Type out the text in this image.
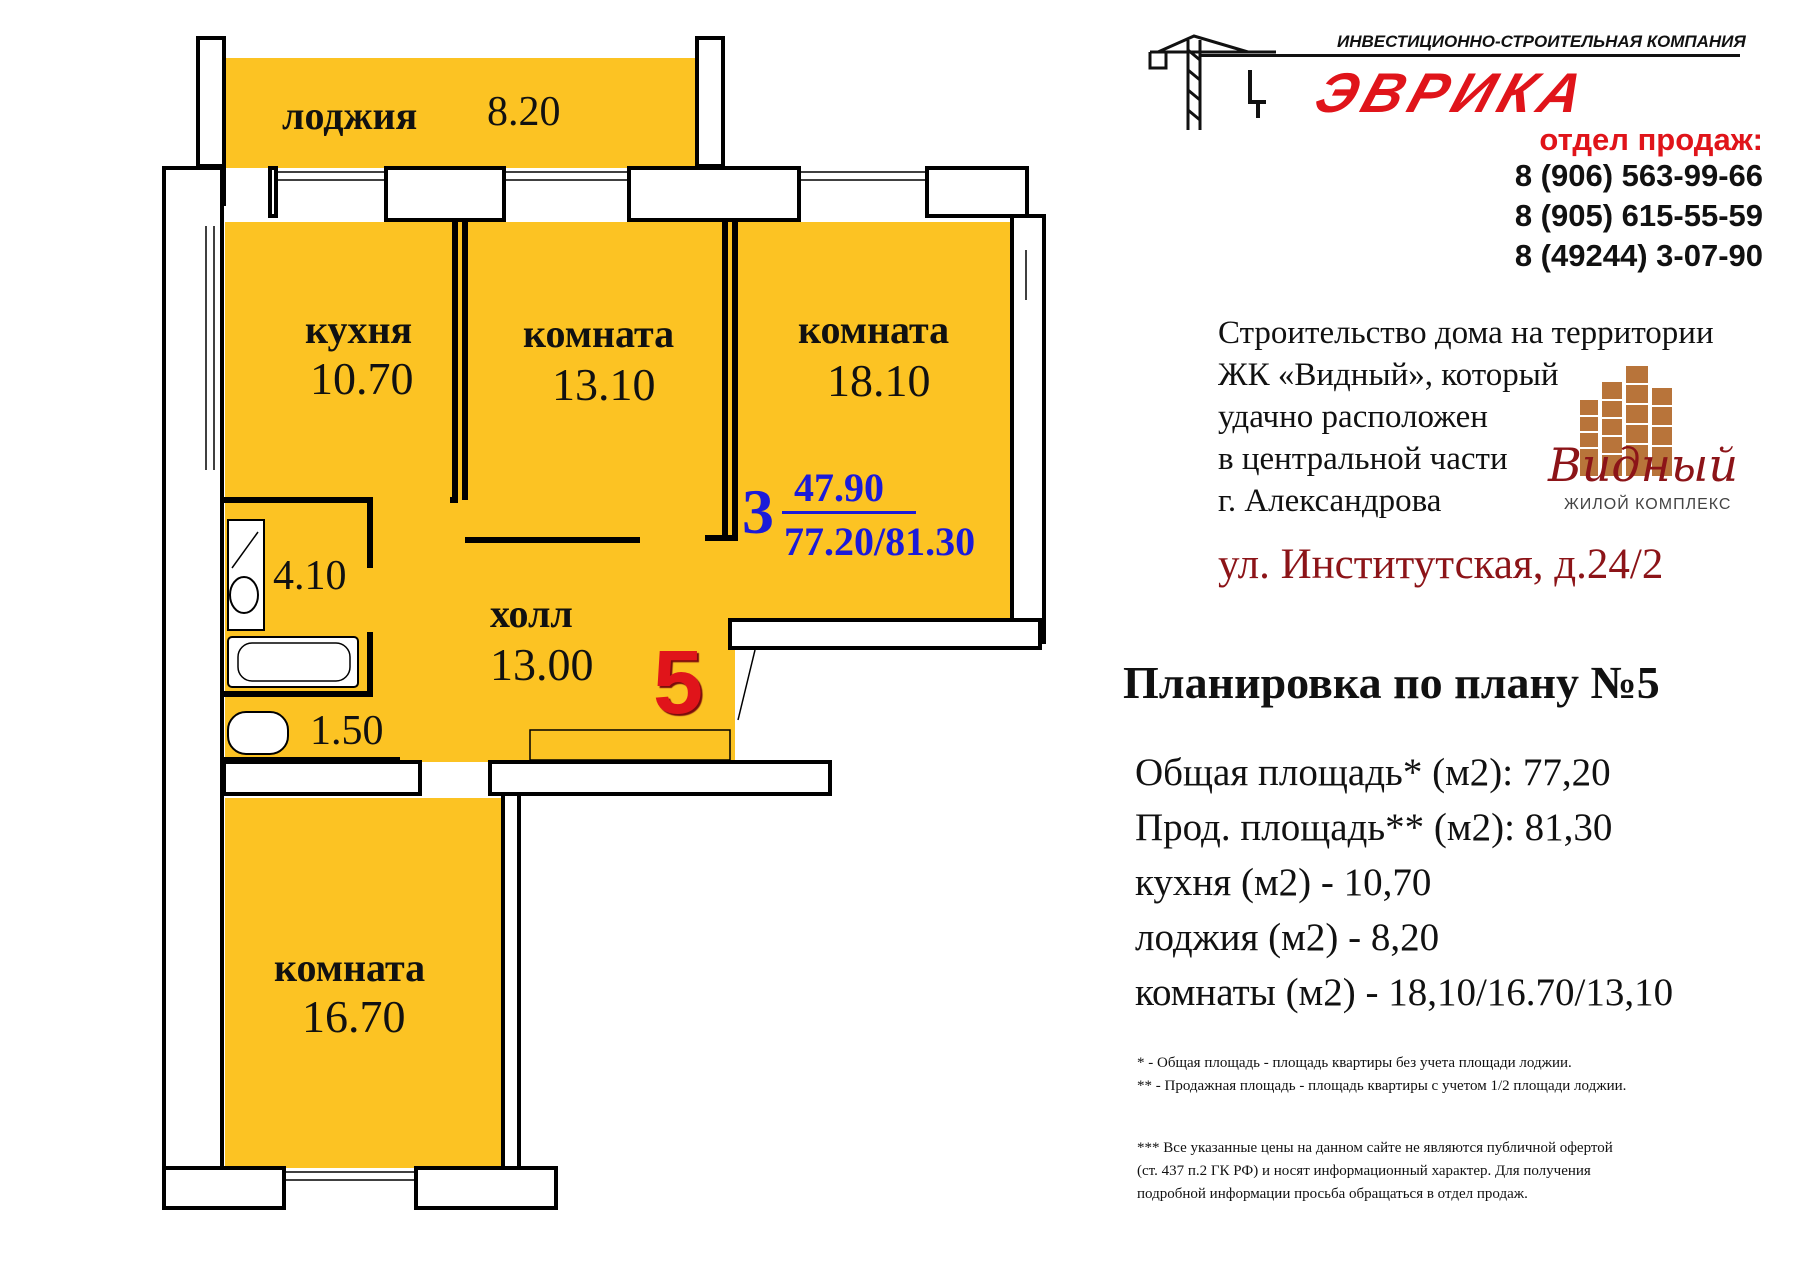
лоджия 8.20
кухня
10.70
комната
13.10
комната
18.10
4.10
1.50
холл
13.00
комната
16.70
3 47.90
77.20/81.30
5
ИНВЕСТИЦИОННО-СТРОИТЕЛЬНАЯ КОМПАНИЯ
ЭВРИКА
отдел продаж:
8 (906) 563-99-66
8 (905) 615-55-59
8 (49244) 3-07-90
Строительство дома на территории
ЖК «Видный», который
удачно расположен
в центральной части
г. Александрова
Видный
ЖИЛОЙ КОМПЛЕКС
ул. Институтская, д.24/2
Планировка по плану №5
Общая площадь* (м2): 77,20
Прод. площадь** (м2): 81,30
кухня (м2) - 10,70
лоджия (м2) - 8,20
комнаты (м2) - 18,10/16.70/13,10
* - Общая площадь - площадь квартиры без учета площади лоджии.
** - Продажная площадь - площадь квартиры с учетом 1/2 площади лоджии.
*** Все указанные цены на данном сайте не являются публичной офертой
(ст. 437 п.2 ГК РФ) и носят информационный характер. Для получения
подробной информации просьба обращаться в отдел продаж.
